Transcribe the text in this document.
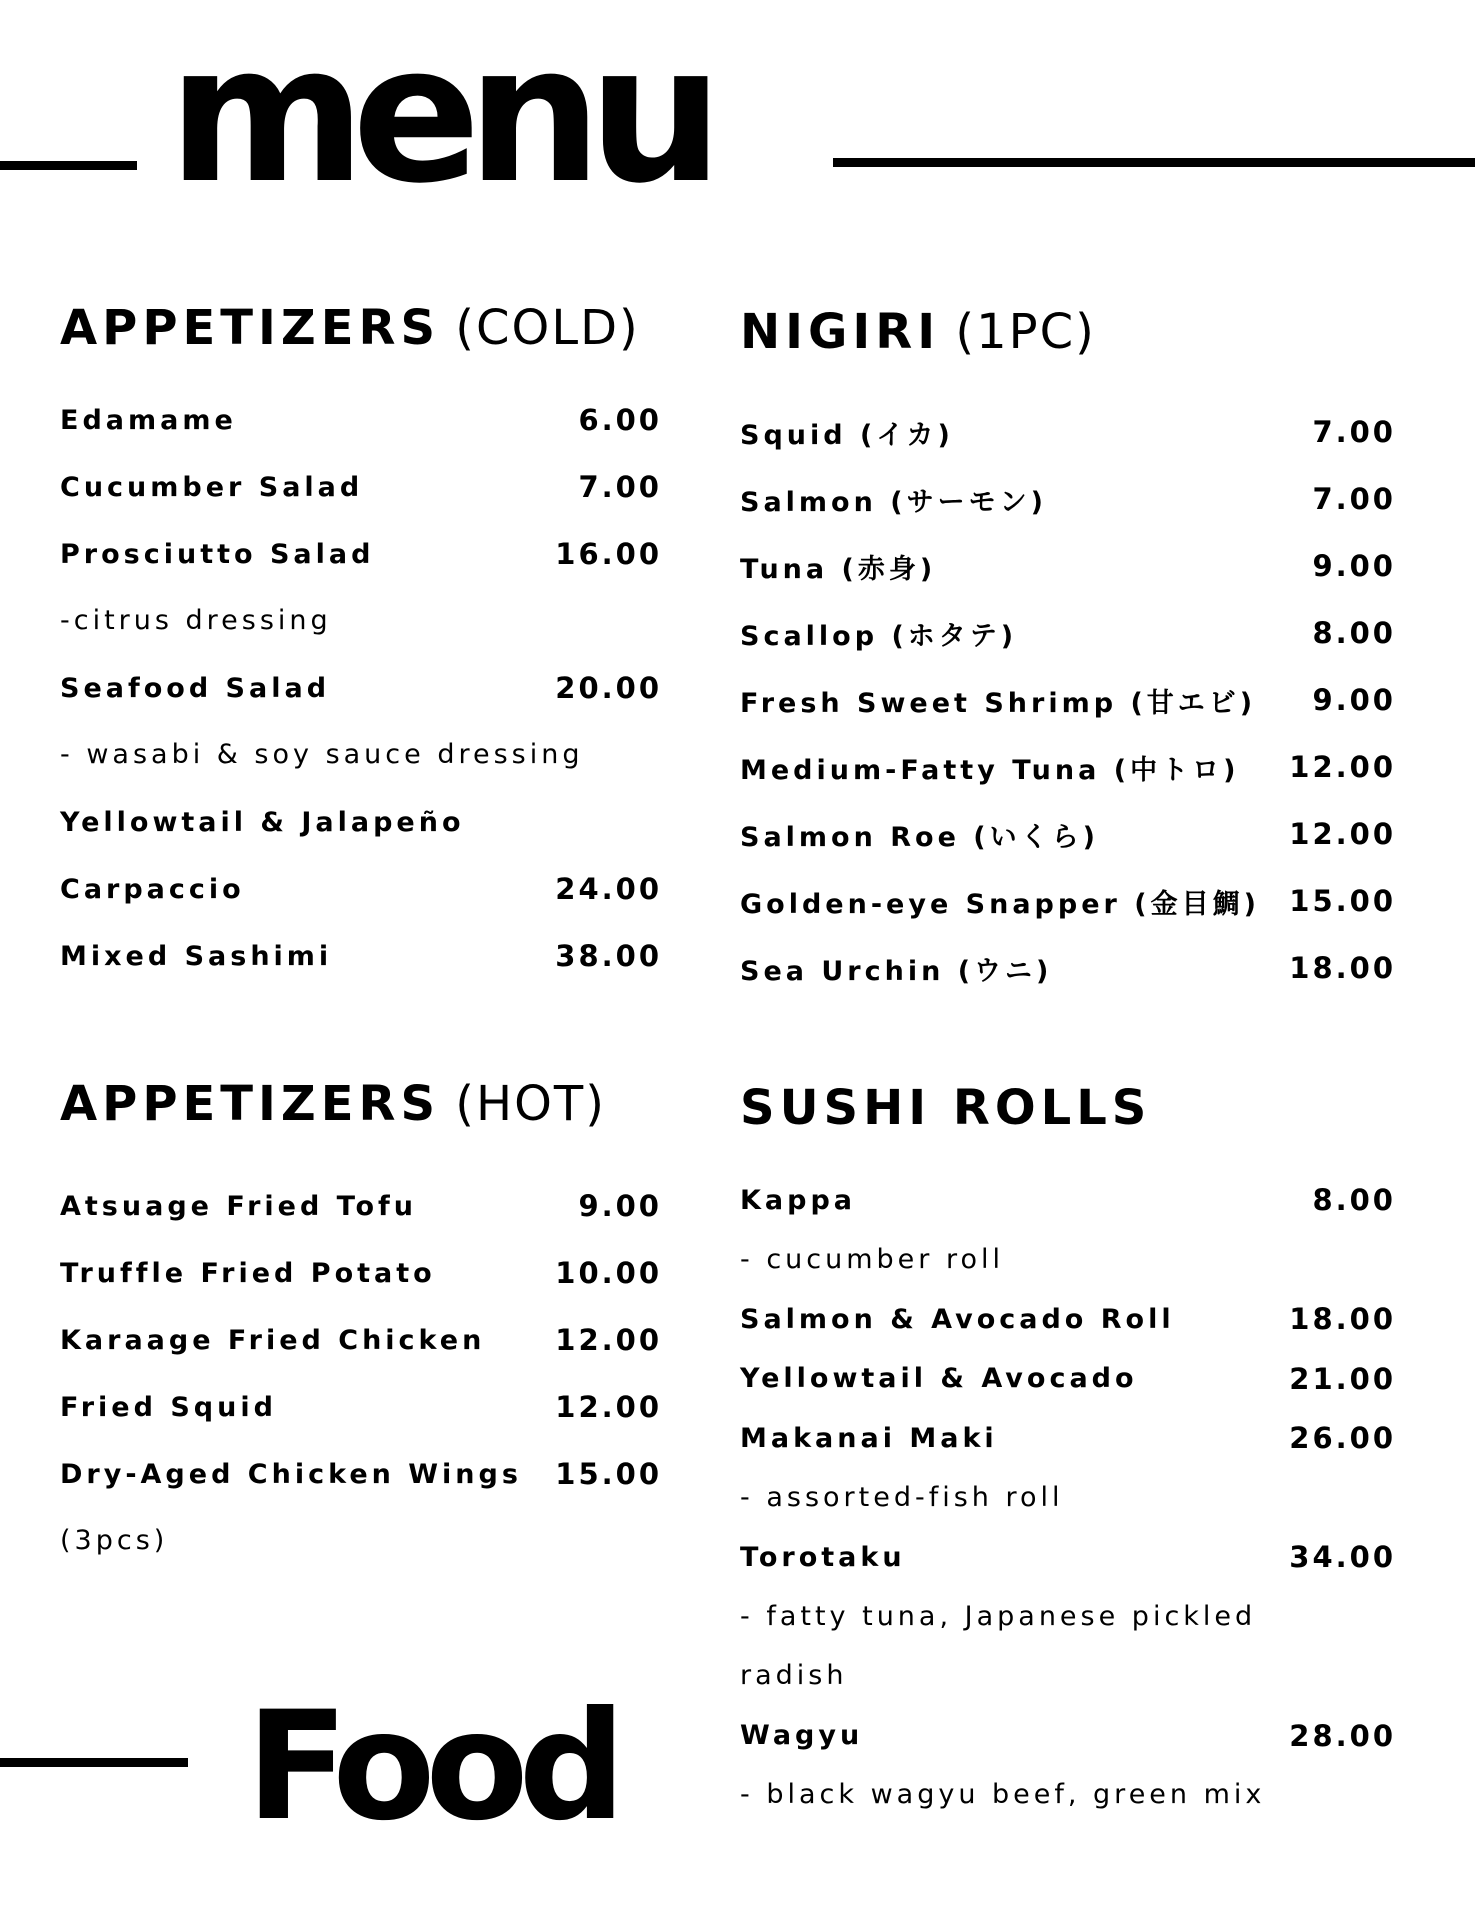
menu
APPETIZERS (COLD)
Edamame	6.00
Cucumber Salad	7.00
Prosciutto Salad	16.00
-citrus dressing
Seafood Salad	20.00
- wasabi & soy sauce dressing
Yellowtail & Jalapeño
Carpaccio	24.00
Mixed Sashimi	38.00
APPETIZERS (HOT)
Atsuage Fried Tofu	9.00
Truffle Fried Potato	10.00
Karaage Fried Chicken 12.00
Fried Squid	12.00
Dry-Aged Chicken Wings 15.00
(3pcs)
NIGIRI (1PC)
Squid (イカ)	7.00
Salmon (サーモン)	7.00
Tuna (赤身)	9.00
Scallop (ホタテ)	8.00
Fresh Sweet Shrimp (甘エビ) 9.00
Medium-Fatty Tuna (中トロ) 12.00
Salmon Roe (いくら)	12.00
Golden-eye Snapper (金目鯛) 15.00
Sea Urchin (ウニ)	18.00
SUSHI ROLLS
Kappa	8.00
- cucumber roll
Salmon & Avocado Roll	18.00
Yellowtail & Avocado	21.00
Makanai Maki	26.00
- assorted-fish roll
Torotaku	34.00
- fatty tuna, Japanese pickled
radish
Wagyu	28.00
- black wagyu beef, green mix
Food
